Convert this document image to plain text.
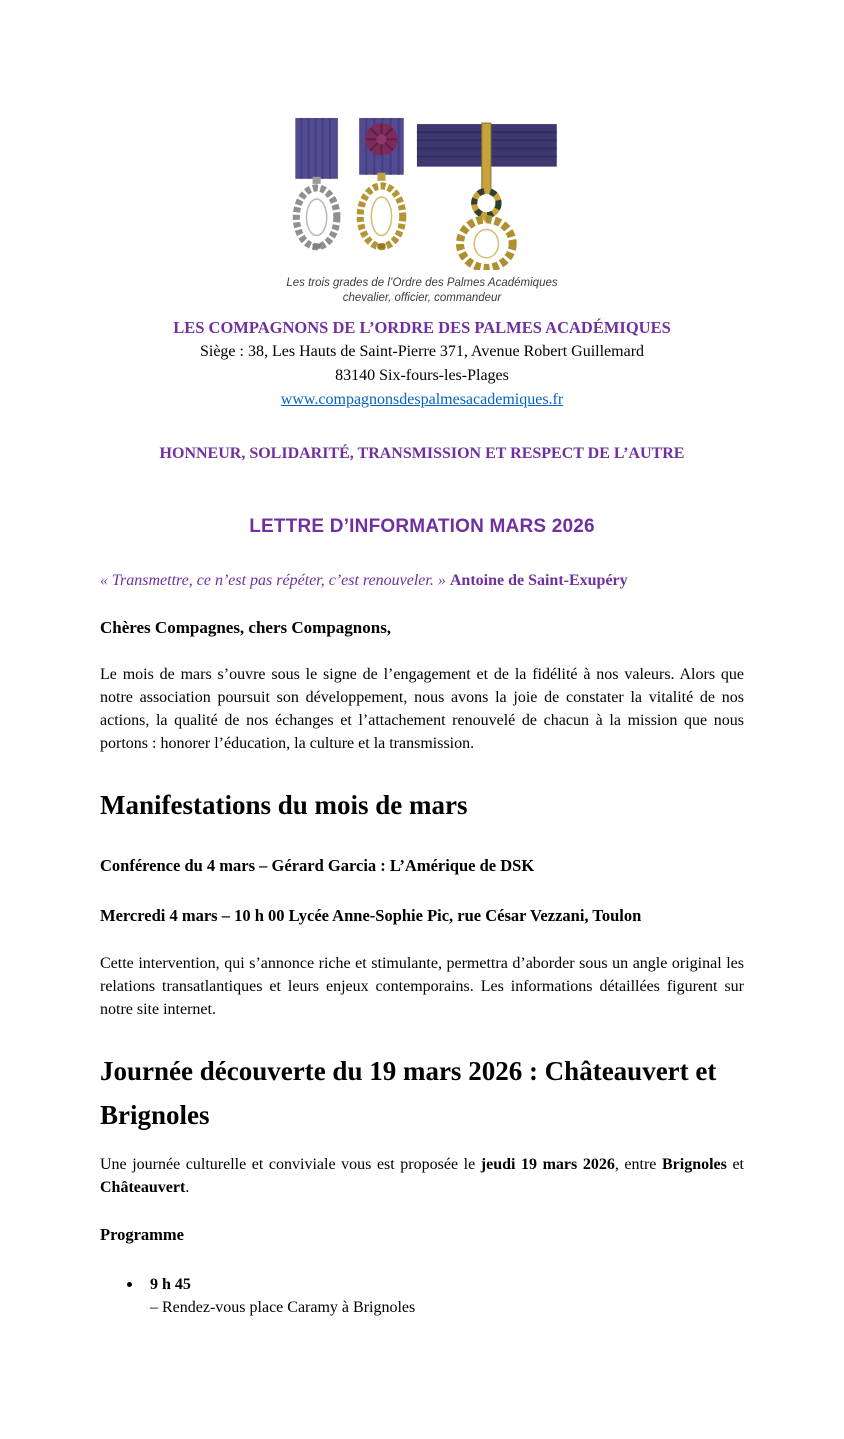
Les trois grades de l’Ordre des Palmes Académiques
chevalier, officier, commandeur
LES COMPAGNONS DE L’ORDRE DES PALMES ACADÉMIQUES
Siège : 38, Les Hauts de Saint-Pierre 371, Avenue Robert Guillemard
83140 Six-fours-les-Plages
www.compagnonsdespalmesacademiques.fr
HONNEUR, SOLIDARITÉ, TRANSMISSION ET RESPECT DE L’AUTRE
LETTRE D’INFORMATION MARS 2026
« Transmettre, ce n’est pas répéter, c’est renouveler. » Antoine de Saint-Exupéry
Chères Compagnes, chers Compagnons,

Le mois de mars s’ouvre sous le signe de l’engagement et de la fidélité à nos valeurs. Alors que notre association poursuit son développement, nous avons la joie de constater la vitalité de nos actions, la qualité de nos échanges et l’attachement renouvelé de chacun à la mission que nous portons : honorer l’éducation, la culture et la transmission.

Manifestations du mois de mars
Conférence du 4 mars – Gérard Garcia : L’Amérique de DSK
Mercredi 4 mars – 10 h 00 Lycée Anne-Sophie Pic, rue César Vezzani, Toulon

Cette intervention, qui s’annonce riche et stimulante, permettra d’aborder sous un angle original les relations transatlantiques et leurs enjeux contemporains. Les informations détaillées figurent sur notre site internet.

Journée découverte du 19 mars 2026 : Châteauvert et Brignoles

Une journée culturelle et conviviale vous est proposée le jeudi 19 mars 2026, entre Brignoles et Châteauvert.

Programme
9 h 45
– Rendez-vous place Caramy à Brignoles
